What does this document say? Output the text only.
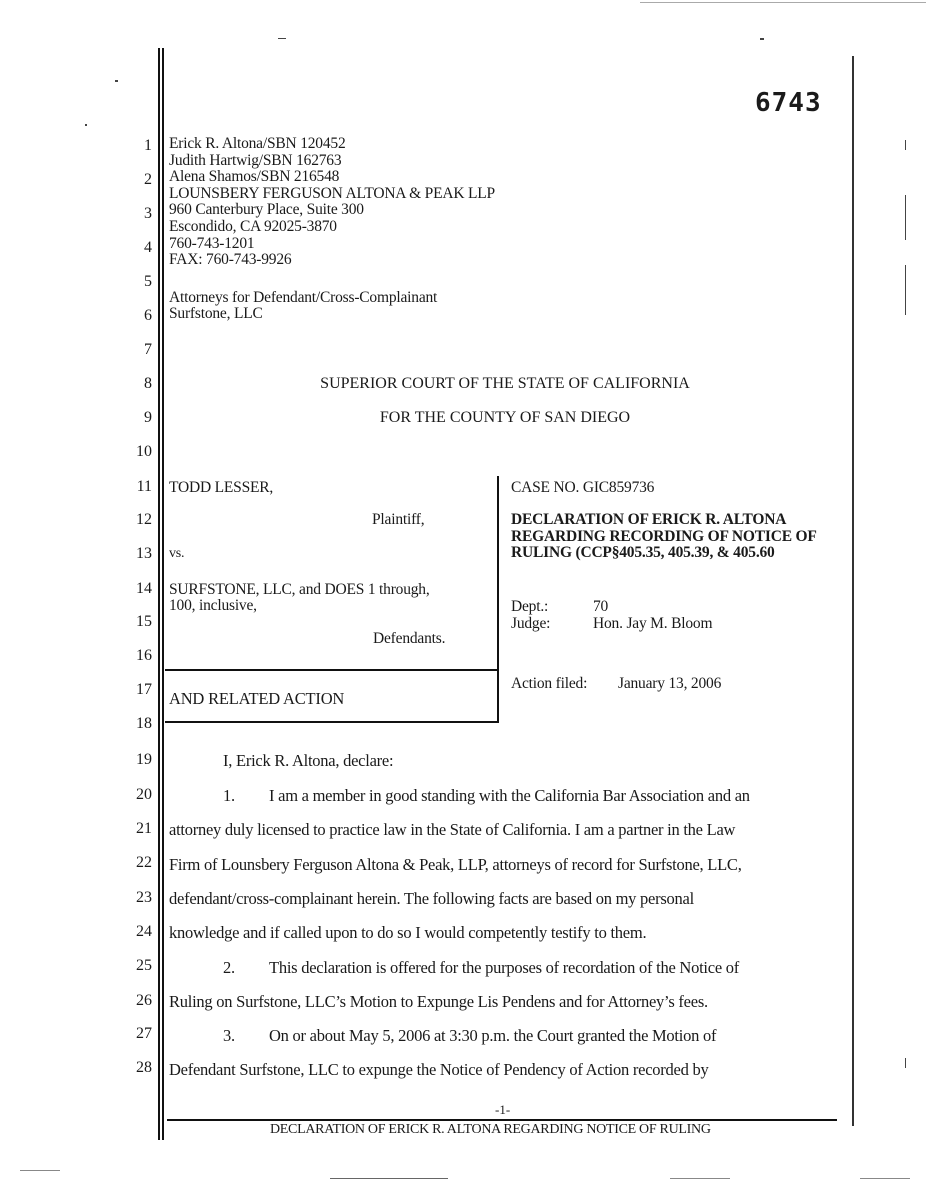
6743
1
2
3
4
5
6
7
8
9
10
11
12
13
14
15
16
17
18
19
20
21
22
23
24
25
26
27
28
Erick R. Altona/SBN 120452
Judith Hartwig/SBN 162763
Alena Shamos/SBN 216548
LOUNSBERY FERGUSON ALTONA & PEAK LLP
960 Canterbury Place, Suite 300
Escondido, CA 92025-3870
760-743-1201
FAX: 760-743-9926
Attorneys for Defendant/Cross-Complainant
Surfstone, LLC
SUPERIOR COURT OF THE STATE OF CALIFORNIA
FOR THE COUNTY OF SAN DIEGO
TODD LESSER,
Plaintiff,
vs.
SURFSTONE, LLC, and DOES 1 through,
100, inclusive,
Defendants.
AND RELATED ACTION
CASE NO. GIC859736
DECLARATION OF ERICK R. ALTONA
REGARDING RECORDING OF NOTICE OF
RULING (CCP§405.35, 405.39, & 405.60
Dept.:	70
Judge:	Hon. Jay M. Bloom
Action filed: January 13, 2006
I, Erick R. Altona, declare:
1. I am a member in good standing with the California Bar Association and an
attorney duly licensed to practice law in the State of California. I am a partner in the Law
Firm of Lounsbery Ferguson Altona & Peak, LLP, attorneys of record for Surfstone, LLC,
defendant/cross-complainant herein. The following facts are based on my personal
knowledge and if called upon to do so I would competently testify to them.
2. This declaration is offered for the purposes of recordation of the Notice of
Ruling on Surfstone, LLC’s Motion to Expunge Lis Pendens and for Attorney’s fees.
3. On or about May 5, 2006 at 3:30 p.m. the Court granted the Motion of
Defendant Surfstone, LLC to expunge the Notice of Pendency of Action recorded by
-1-
DECLARATION OF ERICK R. ALTONA REGARDING NOTICE OF RULING
